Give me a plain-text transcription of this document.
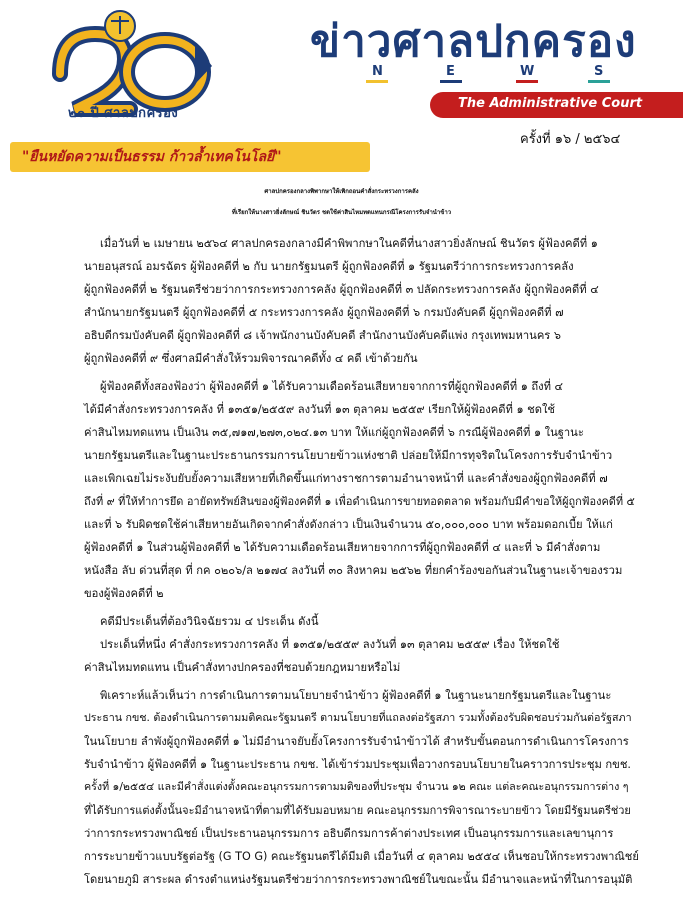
๒๐ ปี ศาลปกครอง
"ยืนหยัดความเป็นธรรม ก้าวล้ำเทคโนโลยี"
ข่าวศาลปกครอง
N	E	W	S
The Administrative Court
ครั้งที่ ๑๖ / ๒๕๖๔
ศาลปกครองกลางพิพากษาให้เพิกถอนคำสั่งกระทรวงการคลัง
ที่เรียกให้นางสาวยิ่งลักษณ์ ชินวัตร ชดใช้ค่าสินไหมทดแทนกรณีโครงการรับจำนำข้าว
เมื่อวันที่ ๒ เมษายน ๒๕๖๔ ศาลปกครองกลางมีคำพิพากษาในคดีที่นางสาวยิ่งลักษณ์ ชินวัตร ผู้ฟ้องคดีที่ ๑
นายอนุสรณ์ อมรฉัตร ผู้ฟ้องคดีที่ ๒ กับ นายกรัฐมนตรี ผู้ถูกฟ้องคดีที่ ๑ รัฐมนตรีว่าการกระทรวงการคลัง
ผู้ถูกฟ้องคดีที่ ๒ รัฐมนตรีช่วยว่าการกระทรวงการคลัง ผู้ถูกฟ้องคดีที่ ๓ ปลัดกระทรวงการคลัง ผู้ถูกฟ้องคดีที่ ๔
สำนักนายกรัฐมนตรี ผู้ถูกฟ้องคดีที่ ๕ กระทรวงการคลัง ผู้ถูกฟ้องคดีที่ ๖ กรมบังคับคดี ผู้ถูกฟ้องคดีที่ ๗
อธิบดีกรมบังคับคดี ผู้ถูกฟ้องคดีที่ ๘ เจ้าพนักงานบังคับคดี สำนักงานบังคับคดีแพ่ง กรุงเทพมหานคร ๖
ผู้ถูกฟ้องคดีที่ ๙ ซึ่งศาลมีคำสั่งให้รวมพิจารณาคดีทั้ง ๔ คดี เข้าด้วยกัน
ผู้ฟ้องคดีทั้งสองฟ้องว่า ผู้ฟ้องคดีที่ ๑ ได้รับความเดือดร้อนเสียหายจากการที่ผู้ถูกฟ้องคดีที่ ๑ ถึงที่ ๔
ได้มีคำสั่งกระทรวงการคลัง ที่ ๑๓๕๑/๒๕๕๙ ลงวันที่ ๑๓ ตุลาคม ๒๕๕๙ เรียกให้ผู้ฟ้องคดีที่ ๑ ชดใช้
ค่าสินไหมทดแทน เป็นเงิน ๓๕,๗๑๗,๒๗๓,๐๒๔.๑๓ บาท ให้แก่ผู้ถูกฟ้องคดีที่ ๖ กรณีผู้ฟ้องคดีที่ ๑ ในฐานะ
นายกรัฐมนตรีและในฐานะประธานกรรมการนโยบายข้าวแห่งชาติ ปล่อยให้มีการทุจริตในโครงการรับจำนำข้าว
และเพิกเฉยไม่ระงับยับยั้งความเสียหายที่เกิดขึ้นแก่ทางราชการตามอำนาจหน้าที่ และคำสั่งของผู้ถูกฟ้องคดีที่ ๗
ถึงที่ ๙ ที่ให้ทำการยึด อายัดทรัพย์สินของผู้ฟ้องคดีที่ ๑ เพื่อดำเนินการขายทอดตลาด พร้อมกับมีคำขอให้ผู้ถูกฟ้องคดีที่ ๕
และที่ ๖ รับผิดชดใช้ค่าเสียหายอันเกิดจากคำสั่งดังกล่าว เป็นเงินจำนวน ๕๐,๐๐๐,๐๐๐ บาท พร้อมดอกเบี้ย ให้แก่
ผู้ฟ้องคดีที่ ๑ ในส่วนผู้ฟ้องคดีที่ ๒ ได้รับความเดือดร้อนเสียหายจากการที่ผู้ถูกฟ้องคดีที่ ๔ และที่ ๖ มีคำสั่งตาม
หนังสือ ลับ ด่วนที่สุด ที่ กค ๐๒๐๖/ล ๒๑๗๔ ลงวันที่ ๓๐ สิงหาคม ๒๕๖๒ ที่ยกคำร้องขอกันส่วนในฐานะเจ้าของรวม
ของผู้ฟ้องคดีที่ ๒
คดีมีประเด็นที่ต้องวินิจฉัยรวม ๔ ประเด็น ดังนี้
ประเด็นที่หนึ่ง คำสั่งกระทรวงการคลัง ที่ ๑๓๕๑/๒๕๕๙ ลงวันที่ ๑๓ ตุลาคม ๒๕๕๙ เรื่อง ให้ชดใช้
ค่าสินไหมทดแทน เป็นคำสั่งทางปกครองที่ชอบด้วยกฎหมายหรือไม่
พิเคราะห์แล้วเห็นว่า การดำเนินการตามนโยบายจำนำข้าว ผู้ฟ้องคดีที่ ๑ ในฐานะนายกรัฐมนตรีและในฐานะ
ประธาน กขช. ต้องดำเนินการตามมติคณะรัฐมนตรี ตามนโยบายที่แถลงต่อรัฐสภา รวมทั้งต้องรับผิดชอบร่วมกันต่อรัฐสภา
ในนโยบาย ลำพังผู้ถูกฟ้องคดีที่ ๑ ไม่มีอำนาจยับยั้งโครงการรับจำนำข้าวได้ สำหรับขั้นตอนการดำเนินการโครงการ
รับจำนำข้าว ผู้ฟ้องคดีที่ ๑ ในฐานะประธาน กขช. ได้เข้าร่วมประชุมเพื่อวางกรอบนโยบายในคราวการประชุม กขช.
ครั้งที่ ๑/๒๕๕๔ และมีคำสั่งแต่งตั้งคณะอนุกรรมการตามมติของที่ประชุม จำนวน ๑๒ คณะ แต่ละคณะอนุกรรมการต่าง ๆ
ที่ได้รับการแต่งตั้งนั้นจะมีอำนาจหน้าที่ตามที่ได้รับมอบหมาย คณะอนุกรรมการพิจารณาระบายข้าว โดยมีรัฐมนตรีช่วย
ว่าการกระทรวงพาณิชย์ เป็นประธานอนุกรรมการ อธิบดีกรมการค้าต่างประเทศ เป็นอนุกรรมการและเลขานุการ
การระบายข้าวแบบรัฐต่อรัฐ (G TO G) คณะรัฐมนตรีได้มีมติ เมื่อวันที่ ๔ ตุลาคม ๒๕๕๔ เห็นชอบให้กระทรวงพาณิชย์
โดยนายภูมิ สาระผล ดำรงตำแหน่งรัฐมนตรีช่วยว่าการกระทรวงพาณิชย์ในขณะนั้น มีอำนาจและหน้าที่ในการอนุมัติ
